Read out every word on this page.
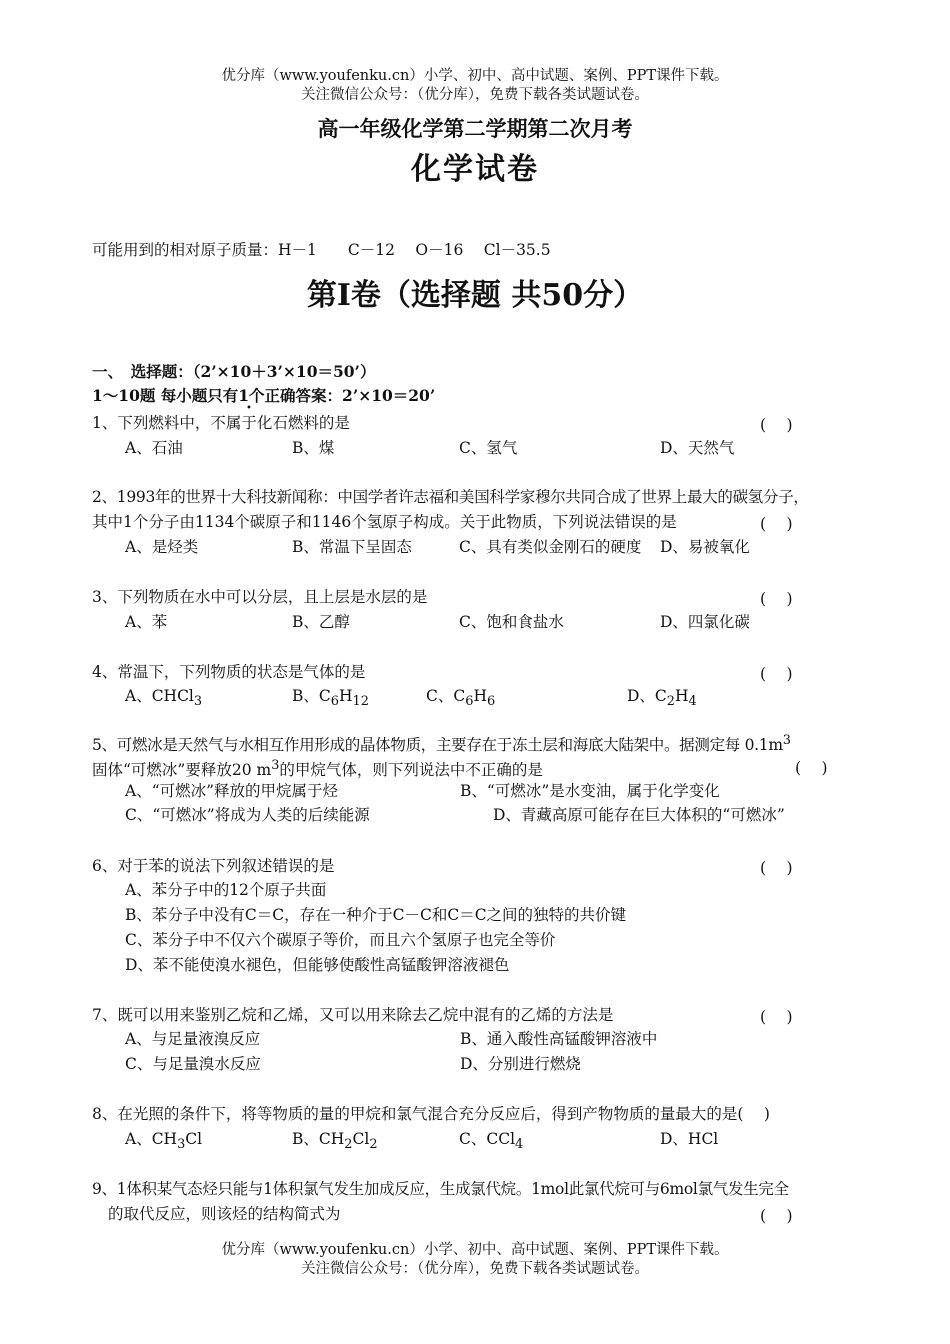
优分库（www.youfenku.cn）小学、初中、高中试题、案例、PPT课件下载。
关注微信公众号：（优分库），免费下载各类试题试卷。
高一年级化学第二学期第二次月考
化学试卷
可能用到的相对原子质量：H－1　　C－12　 O－16　 Cl－35.5
第Ⅰ卷（选择题 共50分）
一、　选择题：（2’×10＋3’×10＝50’）
1～10题 每小题只有1个正确答案：2’×10＝20’
•
1、下列燃料中，不属于化石燃料的是	(　 )
A、石油	B、煤	C、氢气	D、天然气
2、1993年的世界十大科技新闻称：中国学者许志福和美国科学家穆尔共同合成了世界上最大的碳氢分子，
其中1个分子由1134个碳原子和1146个氢原子构成。关于此物质，下列说法错误的是	(　 )
A、是烃类	B、常温下呈固态	C、具有类似金刚石的硬度 D、易被氧化
3、下列物质在水中可以分层，且上层是水层的是	(　 )
A、苯	B、乙醇	C、饱和食盐水	D、四氯化碳
4、常温下，下列物质的状态是气体的是	(　 )
A、CHCl$_3$	B、$C_6H_{12}$	C、$C_6H_6$	D、$C_2H_4$
5、可燃冰是天然气与水相互作用形成的晶体物质，主要存在于冻土层和海底大陆架中。据测定每 $0.1m^3$
固体“可燃冰”要释放20 $m^3$的甲烷气体，则下列说法中不正确的是	(　 )
A、“可燃冰”释放的甲烷属于烃	B、“可燃冰”是水变油，属于化学变化
C、“可燃冰”将成为人类的后续能源	D、青藏高原可能存在巨大体积的“可燃冰”
6、对于苯的说法下列叙述错误的是	(　 )
A、苯分子中的12个原子共面
B、苯分子中没有C＝C，存在一种介于C－C和C＝C之间的独特的共价键
C、苯分子中不仅六个碳原子等价，而且六个氢原子也完全等价
D、苯不能使溴水褪色，但能够使酸性高锰酸钾溶液褪色
7、既可以用来鉴别乙烷和乙烯，又可以用来除去乙烷中混有的乙烯的方法是	(　 )
A、与足量液溴反应	B、通入酸性高锰酸钾溶液中
C、与足量溴水反应	D、分别进行燃烧
8、在光照的条件下，将等物质的量的甲烷和氯气混合充分反应后，得到产物物质的量最大的是(　 )
A、$CH_3Cl$	B、$CH_2Cl_2$	C、CCl$_4$	D、HCl
9、1体积某气态烃只能与1体积氯气发生加成反应，生成氯代烷。1mol此氯代烷可与6mol氯气发生完全
的取代反应，则该烃的结构简式为	(　 )
优分库（www.youfenku.cn）小学、初中、高中试题、案例、PPT课件下载。
关注微信公众号：（优分库），免费下载各类试题试卷。
